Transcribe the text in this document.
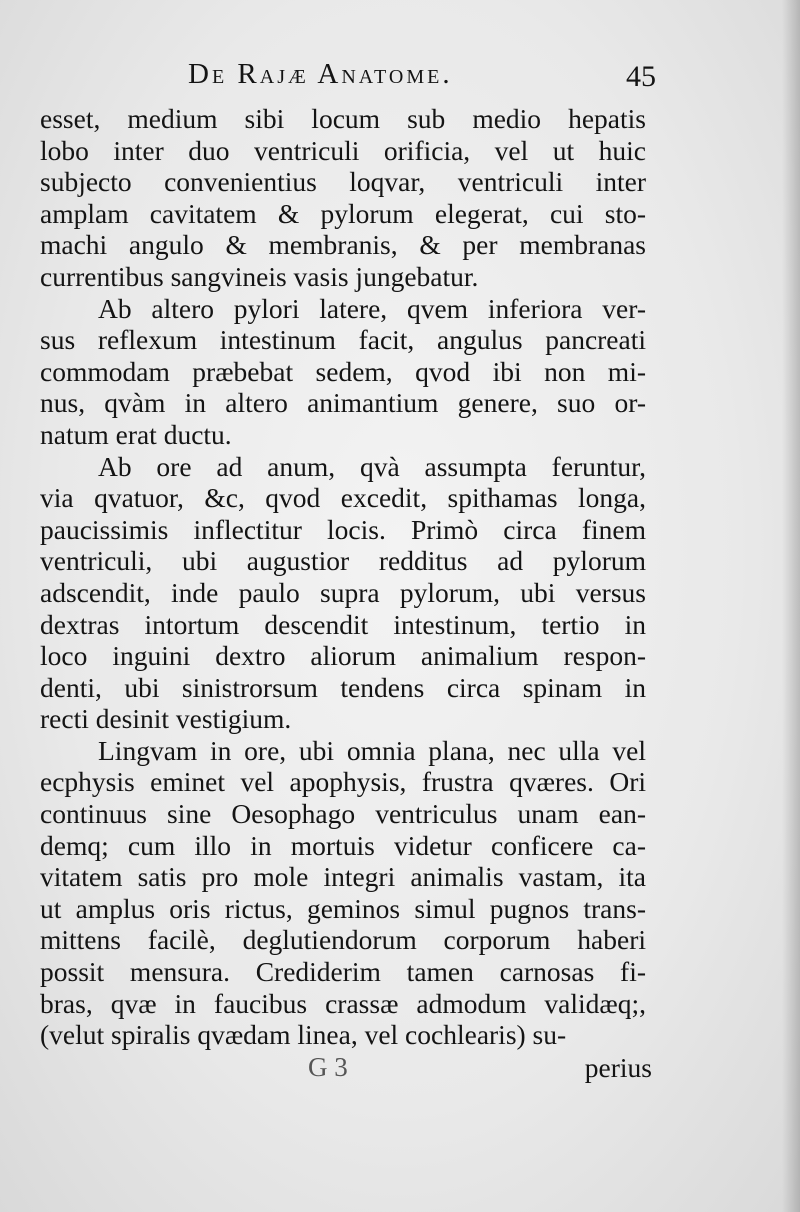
De Rajæ Anatome.	45
esset, medium sibi locum sub medio hepatis
lobo inter duo ventriculi orificia, vel ut huic
subjecto convenientius loqvar, ventriculi inter
amplam cavitatem & pylorum elegerat, cui sto-
machi angulo & membranis, & per membranas
currentibus sangvineis vasis jungebatur.
Ab altero pylori latere, qvem inferiora ver-
sus reflexum intestinum facit, angulus pancreati
commodam præbebat sedem, qvod ibi non mi-
nus, qvàm in altero animantium genere, suo or-
natum erat ductu.
Ab ore ad anum, qvà assumpta feruntur,
via qvatuor, &c, qvod excedit, spithamas longa,
paucissimis inflectitur locis. Primò circa finem
ventriculi, ubi augustior redditus ad pylorum
adscendit, inde paulo supra pylorum, ubi versus
dextras intortum descendit intestinum, tertio in
loco inguini dextro aliorum animalium respon-
denti, ubi sinistrorsum tendens circa spinam in
recti desinit vestigium.
Lingvam in ore, ubi omnia plana, nec ulla vel
ecphysis eminet vel apophysis, frustra qværes. Ori
continuus sine Oesophago ventriculus unam ean-
demq; cum illo in mortuis videtur conficere ca-
vitatem satis pro mole integri animalis vastam, ita
ut amplus oris rictus, geminos simul pugnos trans-
mittens facilè, deglutiendorum corporum haberi
possit mensura. Crediderim tamen carnosas fi-
bras, qvæ in faucibus crassæ admodum validæq;,
(velut spiralis qvædam linea, vel cochlearis) su-
G 3	perius
